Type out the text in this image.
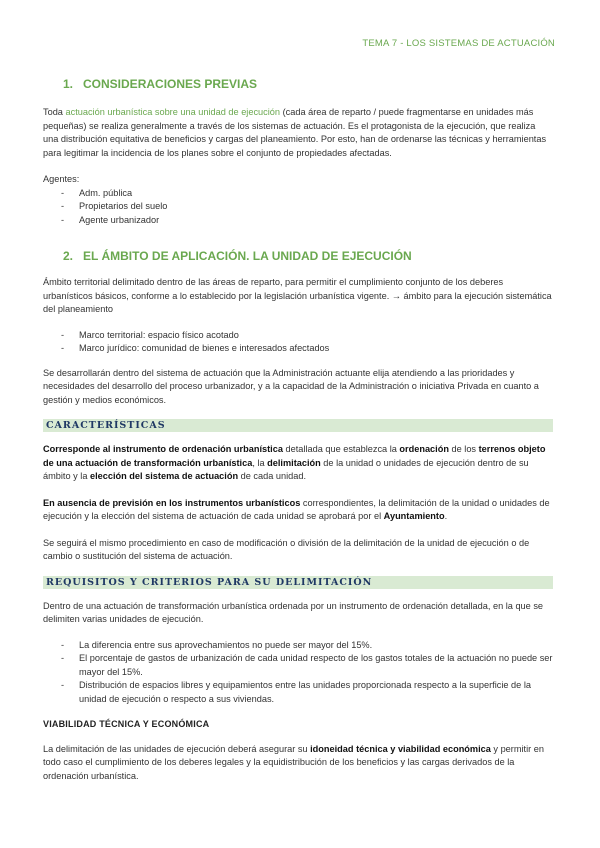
TEMA 7 - LOS SISTEMAS DE ACTUACIÓN
1. CONSIDERACIONES PREVIAS

Toda actuación urbanística sobre una unidad de ejecución (cada área de reparto / puede fragmentarse en unidades más pequeñas) se realiza generalmente a través de los sistemas de actuación. Es el protagonista de la ejecución, que realiza una distribución equitativa de beneficios y cargas del planeamiento. Por esto, han de ordenarse las técnicas y herramientas para legitimar la incidencia de los planes sobre el conjunto de propiedades afectadas.

Agentes:

- Adm. pública
- Propietarios del suelo
- Agente urbanizador
2. EL ÁMBITO DE APLICACIÓN. LA UNIDAD DE EJECUCIÓN

Ámbito territorial delimitado dentro de las áreas de reparto, para permitir el cumplimiento conjunto de los deberes urbanísticos básicos, conforme a lo establecido por la legislación urbanística vigente. → ámbito para la ejecución sistemática del planeamiento

- Marco territorial: espacio físico acotado
- Marco jurídico: comunidad de bienes e interesados afectados

Se desarrollarán dentro del sistema de actuación que la Administración actuante elija atendiendo a las prioridades y necesidades del desarrollo del proceso urbanizador, y a la capacidad de la Administración o iniciativa Privada en cuanto a gestión y medios económicos.

CARACTERÍSTICAS

Corresponde al instrumento de ordenación urbanística detallada que establezca la ordenación de los terrenos objeto de una actuación de transformación urbanística, la delimitación de la unidad o unidades de ejecución dentro de su ámbito y la elección del sistema de actuación de cada unidad.

En ausencia de previsión en los instrumentos urbanísticos correspondientes, la delimitación de la unidad o unidades de ejecución y la elección del sistema de actuación de cada unidad se aprobará por el Ayuntamiento.

Se seguirá el mismo procedimiento en caso de modificación o división de la delimitación de la unidad de ejecución o de cambio o sustitución del sistema de actuación.

REQUISITOS Y CRITERIOS PARA SU DELIMITACIÓN

Dentro de una actuación de transformación urbanística ordenada por un instrumento de ordenación detallada, en la que se delimiten varias unidades de ejecución.

- La diferencia entre sus aprovechamientos no puede ser mayor del 15%.
- El porcentaje de gastos de urbanización de cada unidad respecto de los gastos totales de la actuación no puede ser mayor del 15%.
- Distribución de espacios libres y equipamientos entre las unidades proporcionada respecto a la superficie de la unidad de ejecución o respecto a sus viviendas.

VIABILIDAD TÉCNICA Y ECONÓMICA

La delimitación de las unidades de ejecución deberá asegurar su idoneidad técnica y viabilidad económica y permitir en todo caso el cumplimiento de los deberes legales y la equidistribución de los beneficios y las cargas derivados de la ordenación urbanística.
